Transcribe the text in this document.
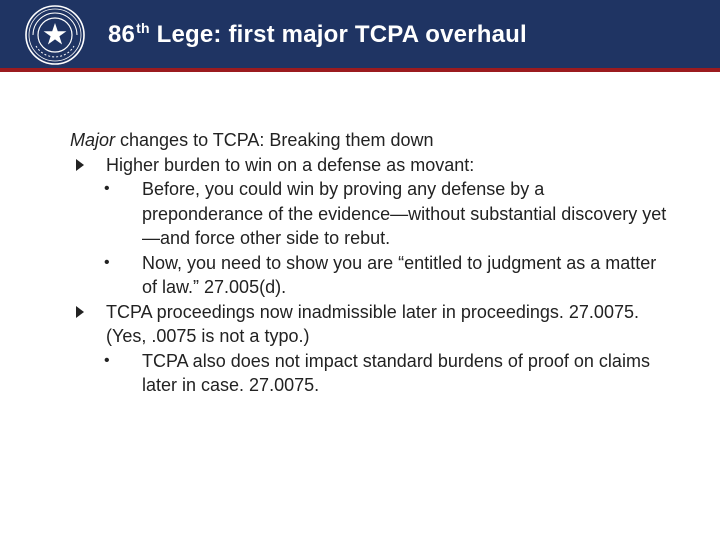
86th Lege: first major TCPA overhaul
Major changes to TCPA: Breaking them down
Higher burden to win on a defense as movant:
• Before, you could win by proving any defense by a preponderance of the evidence—without substantial discovery yet—and force other side to rebut.
• Now, you need to show you are “entitled to judgment as a matter of law.” 27.005(d).
TCPA proceedings now inadmissible later in proceedings. 27.0075. (Yes, .0075 is not a typo.)
• TCPA also does not impact standard burdens of proof on claims later in case. 27.0075.
